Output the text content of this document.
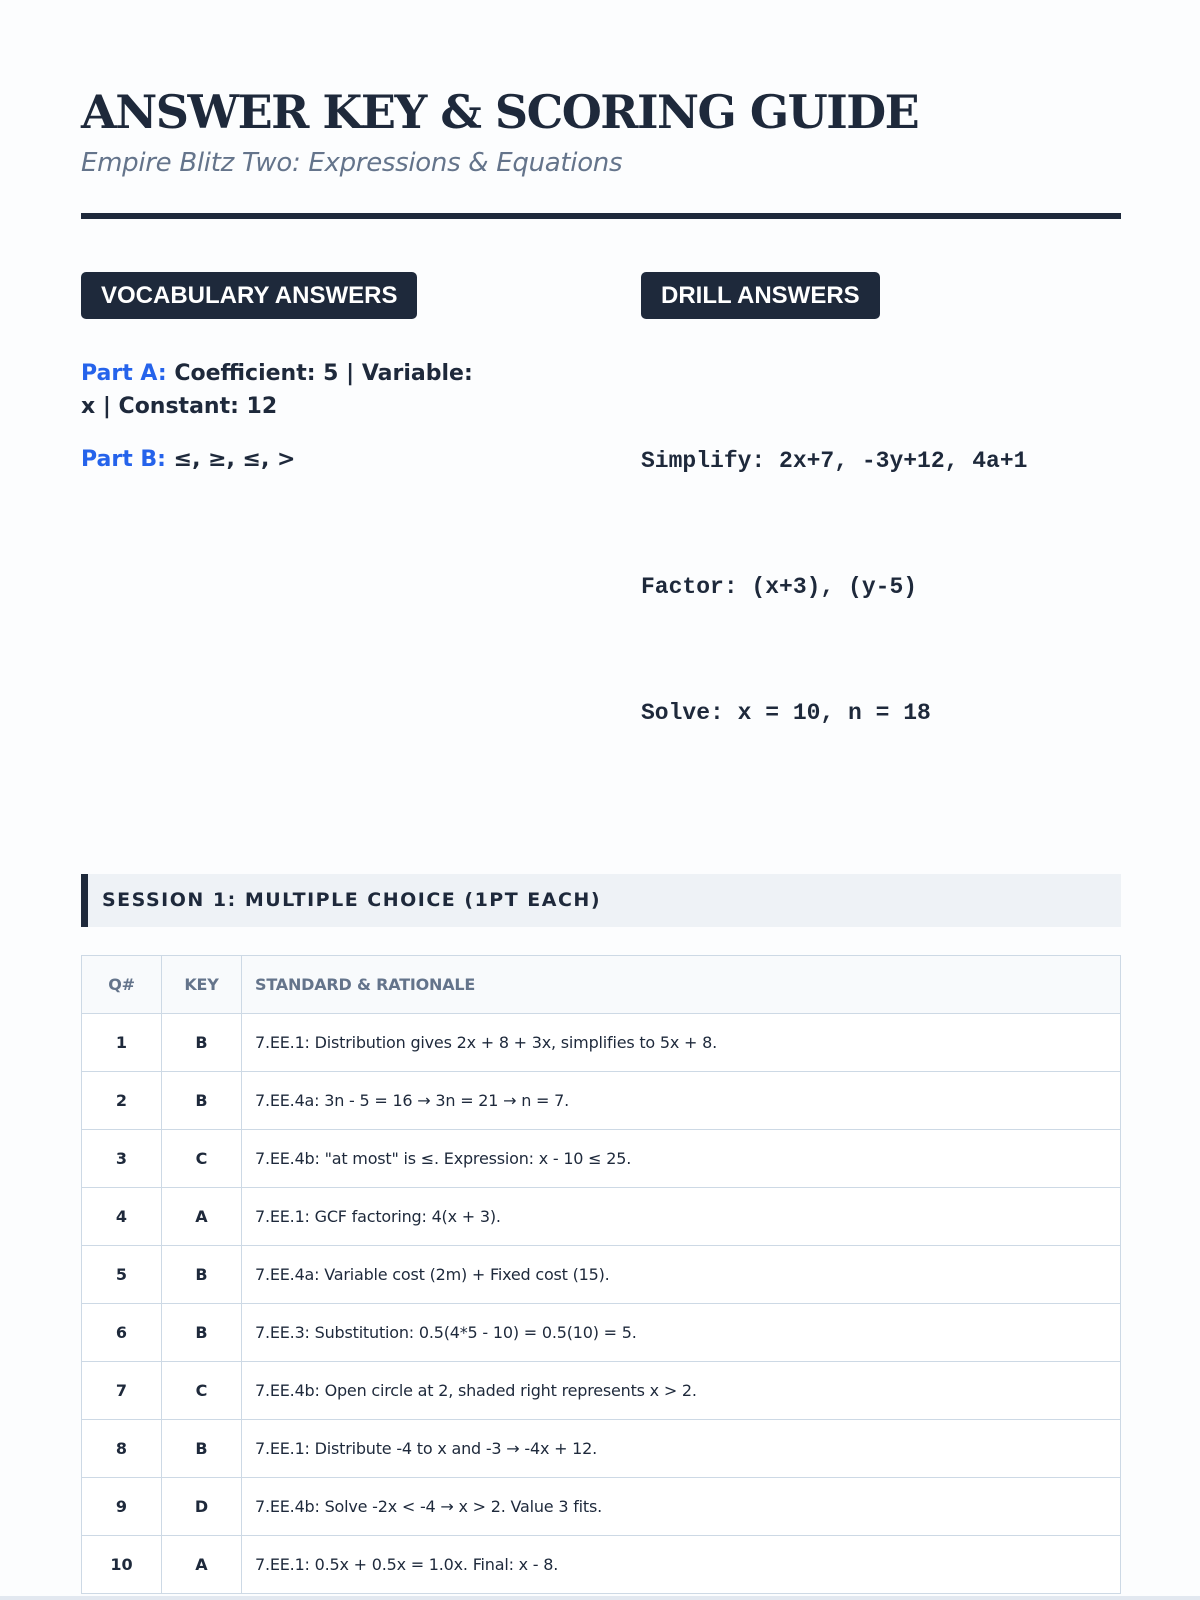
ANSWER KEY & SCORING GUIDE
Empire Blitz Two: Expressions & Equations
VOCABULARY ANSWERS

Part A: Coefficient: 5 | Variable: x | Constant: 12

Part B: ≤, ≥, ≤, >

DRILL ANSWERS

Simplify: 2x+7, -3y+12, 4a+1

Factor: (x+3), (y-5)

Solve: x = 10, n = 18

SESSION 1: MULTIPLE CHOICE (1PT EACH)
Q#	KEY	STANDARD & RATIONALE
1	B	7.EE.1: Distribution gives 2x + 8 + 3x, simplifies to 5x + 8.
2	B	7.EE.4a: 3n - 5 = 16 → 3n = 21 → n = 7.
3	C	7.EE.4b: "at most" is ≤. Expression: x - 10 ≤ 25.
4	A	7.EE.1: GCF factoring: 4(x + 3).
5	B	7.EE.4a: Variable cost (2m) + Fixed cost (15).
6	B	7.EE.3: Substitution: 0.5(4*5 - 10) = 0.5(10) = 5.
7	C	7.EE.4b: Open circle at 2, shaded right represents x > 2.
8	B	7.EE.1: Distribute -4 to x and -3 → -4x + 12.
9	D	7.EE.4b: Solve -2x < -4 → x > 2. Value 3 fits.
10	A	7.EE.1: 0.5x + 0.5x = 1.0x. Final: x - 8.
